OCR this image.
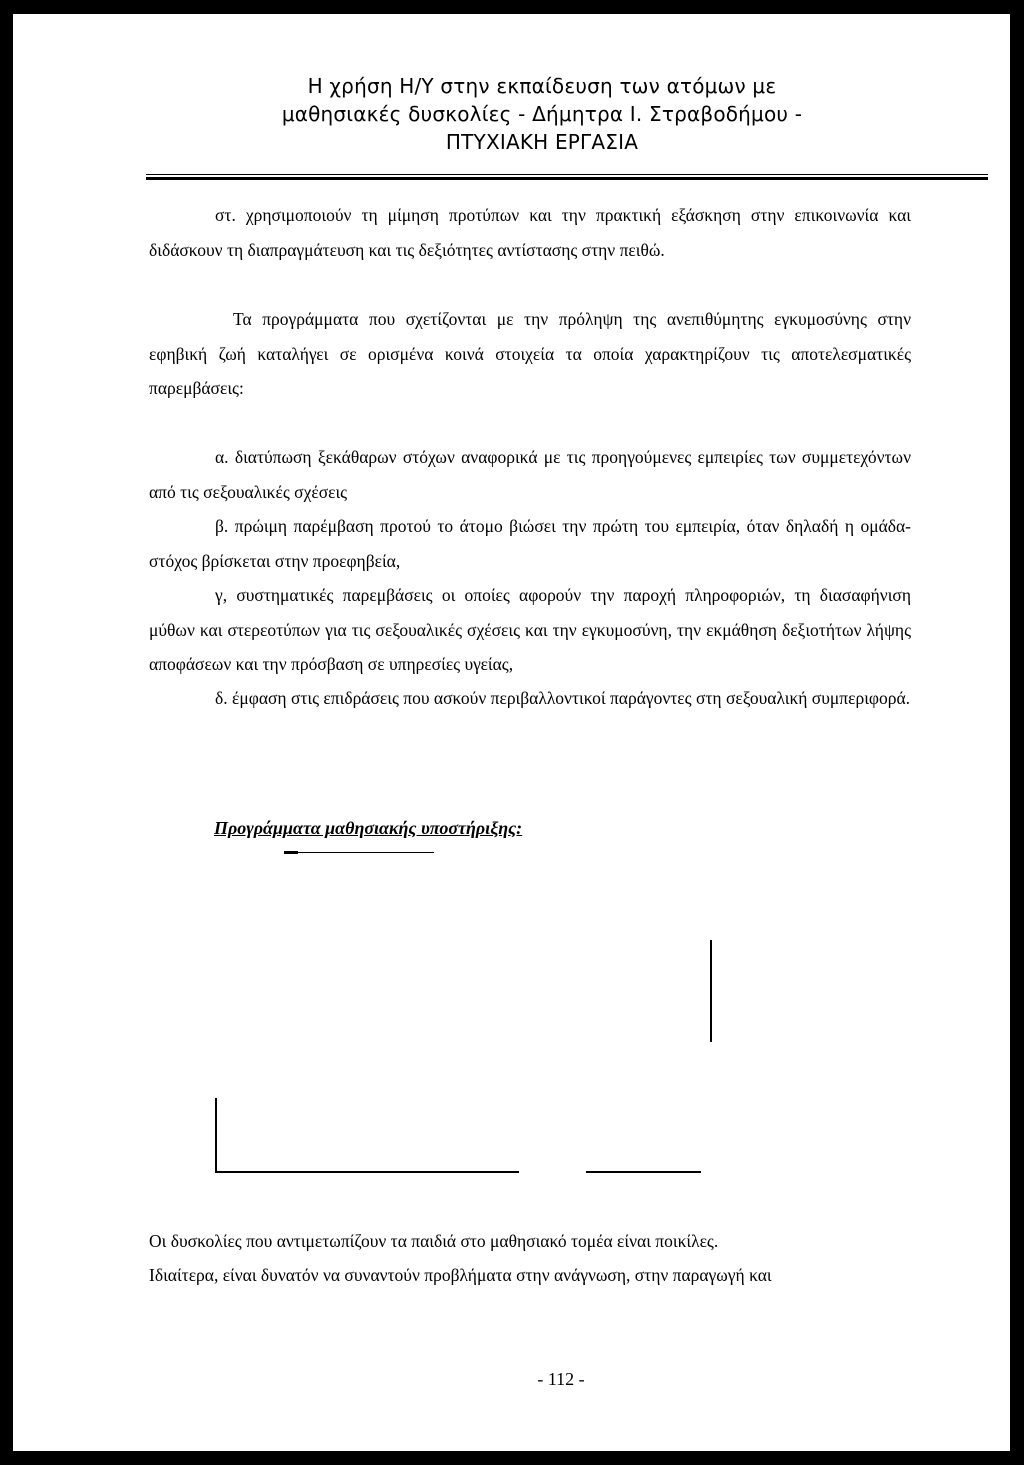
Η χρήση Η/Υ στην εκπαίδευση των ατόμων με
μαθησιακές δυσκολίες - Δήμητρα Ι. Στραβοδήμου -
ΠΤΥΧΙΑΚΗ ΕΡΓΑΣΙΑ

στ. χρησιμοποιούν τη μίμηση προτύπων και την πρακτική εξάσκηση στην επικοινωνία και διδάσκουν τη διαπραγμάτευση και τις δεξιότητες αντίστασης στην πειθώ.

Τα προγράμματα που σχετίζονται με την πρόληψη της ανεπιθύμητης εγκυμοσύνης στην εφηβική ζωή καταλήγει σε ορισμένα κοινά στοιχεία τα οποία χαρακτηρίζουν τις αποτελεσματικές παρεμβάσεις:

α. διατύπωση ξεκάθαρων στόχων αναφορικά με τις προηγούμενες εμπειρίες των συμμετεχόντων από τις σεξουαλικές σχέσεις

β. πρώιμη παρέμβαση προτού το άτομο βιώσει την πρώτη του εμπειρία, όταν δηλαδή η ομάδα-στόχος βρίσκεται στην προεφηβεία,

γ, συστηματικές παρεμβάσεις οι οποίες αφορούν την παροχή πληροφοριών, τη διασαφήνιση μύθων και στερεοτύπων για τις σεξουαλικές σχέσεις και την εγκυμοσύνη, την εκμάθηση δεξιοτήτων λήψης αποφάσεων και την πρόσβαση σε υπηρεσίες υγείας,

δ. έμφαση στις επιδράσεις που ασκούν περιβαλλοντικοί παράγοντες στη σεξουαλική συμπεριφορά.

Προγράμματα μαθησιακής υποστήριξης:

Οι δυσκολίες που αντιμετωπίζουν τα παιδιά στο μαθησιακό τομέα είναι ποικίλες.

Ιδιαίτερα, είναι δυνατόν να συναντούν προβλήματα στην ανάγνωση, στην παραγωγή και

- 112 -
